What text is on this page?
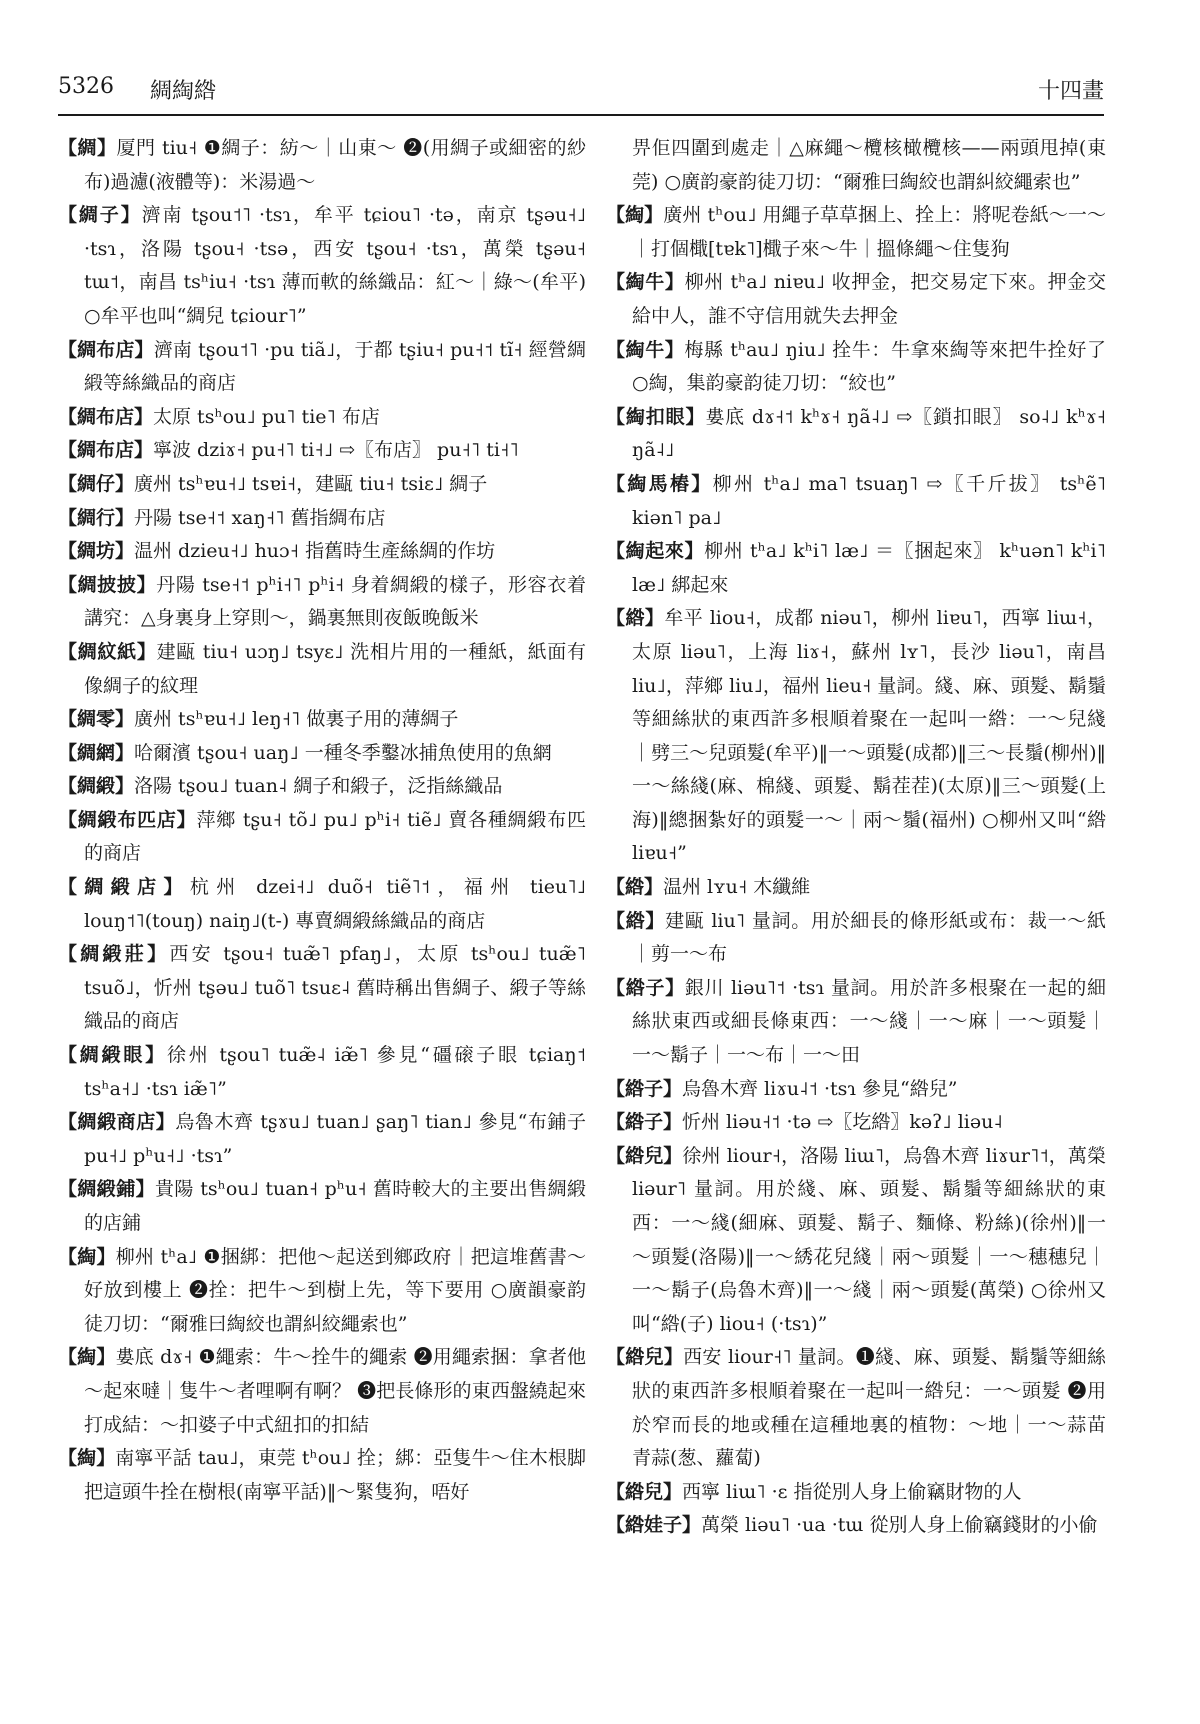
5326 綢綯綹	十四畫

【綢】厦門 tiu˧ ❶綢子：紡～｜山東～ ❷(用綢子或細密的紗布)過濾(液體等)：米湯過～

【綢子】濟南 tʂou˦˥ ·tsɿ，牟平 tɕiou˥ ·tə，南京 tʂəu˧˩ ·tsɿ，洛陽 tʂou˧ ·tsə，西安 tʂou˧ ·tsɿ，萬榮 tʂəu˧ tɯ˦，南昌 tsʰiu˧ ·tsɿ 薄而軟的絲織品：紅～｜綠～(牟平) ○牟平也叫“綢兒 tɕiour˥”

【綢布店】濟南 tʂou˦˥ ·pu tiã˩，于都 tʂiu˧ pu˧˦ tĩ˧ 經營綢緞等絲織品的商店

【綢布店】太原 tsʰou˩ pu˥ tie˥ 布店

【綢布店】寧波 dziɤ˧ pu˧˥ ti˧˩ ⇨〖布店〗 pu˧˥ ti˧˥

【綢仔】廣州 tsʰɐu˧˩ tsɐi˧，建甌 tiu˧ tsiɛ˩ 綢子

【綢行】丹陽 tse˧˦ xaŋ˧˥ 舊指綢布店

【綢坊】温州 dzieu˧˩ huɔ˧ 指舊時生產絲綢的作坊

【綢披披】丹陽 tse˧˦ pʰi˧˥ pʰi˧ 身着綢緞的樣子，形容衣着講究：△身裏身上穿則～，鍋裏無則夜飯晚飯米

【綢紋紙】建甌 tiu˧ uɔŋ˩ tsyɛ˩ 洗相片用的一種紙，紙面有像綢子的紋理

【綢零】廣州 tsʰɐu˧˩ leŋ˧˥ 做裏子用的薄綢子

【綢網】哈爾濱 tʂou˧ uaŋ˩ 一種冬季鑿冰捕魚使用的魚網

【綢緞】洛陽 tʂou˩ tuan˨ 綢子和緞子，泛指絲織品

【綢緞布匹店】萍鄉 tʂu˧ tõ˩ pu˩ pʰi˧ tiẽ˩ 賣各種綢緞布匹的商店

【綢緞店】杭州 dzei˧˩ duõ˧ tiẽ˥˦，福州 tieu˥˩ louŋ˦˥(touŋ) naiŋ˩(t-) 專賣綢緞絲織品的商店

【綢緞莊】西安 tʂou˧ tuæ̃˥ pfaŋ˩，太原 tsʰou˩ tuæ̃˥ tsuõ˩，忻州 tʂəu˩ tuõ˥ tsuɛ˨ 舊時稱出售綢子、緞子等絲織品的商店

【綢緞眼】徐州 tʂou˥ tuæ̃˨ iæ̃˥ 參見“礓磙子眼 tɕiaŋ˦ tsʰa˧˩ ·tsɿ iæ̃˥”

【綢緞商店】烏魯木齊 tʂɤu˩ tuan˩ ʂaŋ˥ tian˩ 參見“布鋪子 pu˧˩ pʰu˧˩ ·tsɿ”

【綢緞鋪】貴陽 tsʰou˩ tuan˧ pʰu˧ 舊時較大的主要出售綢緞的店鋪

【綯】柳州 tʰa˩ ❶捆綁：把他～起送到鄉政府｜把這堆舊書～好放到樓上 ❷拴：把牛～到樹上先，等下要用 ○廣韻豪韵徒刀切：“爾雅曰綯絞也謂糾絞繩索也”

【綯】婁底 dɤ˧ ❶繩索：牛～拴牛的繩索 ❷用繩索捆：拿者他～起來噠｜隻牛～者哩啊有啊？ ❸把長條形的東西盤繞起來打成結：～扣婆子中式紐扣的扣結

【綯】南寧平話 tau˩，東莞 tʰou˩ 拴；綁：亞隻牛～住木根脚把這頭牛拴在樹根(南寧平話)‖～緊隻狗，唔好

畀佢四圍到處走｜△麻繩～欖核橄欖核——兩頭甩掉(東莞) ○廣韵豪韵徒刀切：“爾雅曰綯絞也謂糾絞繩索也”

【綯】廣州 tʰou˩ 用繩子草草捆上、拴上：將呢卷紙～一～｜打個檝[tɐk˥]檝子來～牛｜搵條繩～住隻狗

【綯牛】柳州 tʰa˩ niɐu˩ 收押金，把交易定下來。押金交給中人，誰不守信用就失去押金

【綯牛】梅縣 tʰau˩ ŋiu˩ 拴牛：牛拿來綯等來把牛拴好了 ○綯，集韵豪韵徒刀切：“絞也”

【綯扣眼】婁底 dɤ˧˦ kʰɤ˧ ŋã˨˩ ⇨〖鎖扣眼〗 so˨˩ kʰɤ˧ ŋã˨˩

【綯馬樁】柳州 tʰa˩ ma˥ tsuaŋ˥ ⇨〖千斤拔〗 tsʰẽ˥ kiən˥ pa˩

【綯起來】柳州 tʰa˩ kʰi˥ læ˩ ＝〖捆起來〗 kʰuən˥ kʰi˥ læ˩ 綁起來

【綹】牟平 liou˧，成都 niəu˥，柳州 liɐu˥，西寧 liɯ˧，太原 liəu˥，上海 liɤ˧，蘇州 lʏ˥，長沙 liəu˥，南昌 liu˩，萍鄉 liu˩，福州 lieu˧ 量詞。綫、麻、頭髮、鬍鬚等細絲狀的東西許多根順着聚在一起叫一綹：一～兒綫｜劈三～兒頭髮(牟平)‖一～頭髮(成都)‖三～長鬚(柳州)‖一～絲綫(麻、棉綫、頭髮、鬍茬茬)(太原)‖三～頭髮(上海)‖總捆紮好的頭髮一～｜兩～鬚(福州) ○柳州又叫“綹 liɐu˧”

【綹】温州 lʏu˧ 木纖維

【綹】建甌 liu˥ 量詞。用於細長的條形紙或布：裁一～紙｜剪一～布

【綹子】銀川 liəu˥˦ ·tsɿ 量詞。用於許多根聚在一起的細絲狀東西或細長條東西：一～綫｜一～麻｜一～頭髮｜一～鬍子｜一～布｜一～田

【綹子】烏魯木齊 liɤu˨˦ ·tsɿ 參見“綹兒”

【綹子】忻州 liəu˧˦ ·tə ⇨〖圪綹〗kəʔ˩ liəu˨

【綹兒】徐州 liour˧，洛陽 liɯ˥，烏魯木齊 liɤur˥˦，萬榮 liəur˥ 量詞。用於綫、麻、頭髮、鬍鬚等細絲狀的東西：一～綫(細麻、頭髮、鬍子、麵條、粉絲)(徐州)‖一～頭髮(洛陽)‖一～綉花兒綫｜兩～頭髮｜一～穗穗兒｜一～鬍子(烏魯木齊)‖一～綫｜兩～頭髮(萬榮) ○徐州又叫“綹(子) liou˧ (·tsɿ)”

【綹兒】西安 liour˧˥ 量詞。❶綫、麻、頭髮、鬍鬚等細絲狀的東西許多根順着聚在一起叫一綹兒：一～頭髮 ❷用於窄而長的地或種在這種地裏的植物：～地｜一～蒜苗青蒜(葱、蘿蔔)

【綹兒】西寧 liɯ˥ ·ɛ 指從別人身上偷竊財物的人

【綹娃子】萬榮 liəu˥ ·ua ·tɯ 從別人身上偷竊錢財的小偷
